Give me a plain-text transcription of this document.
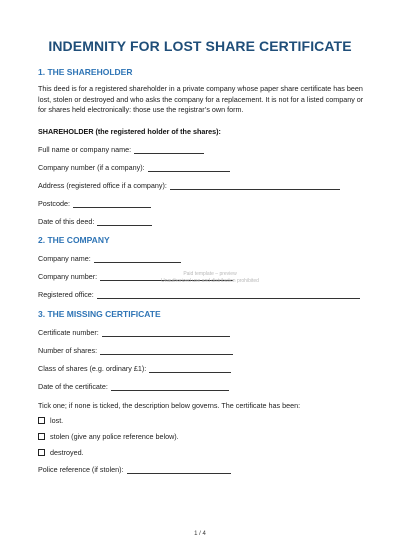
INDEMNITY FOR LOST SHARE CERTIFICATE
1. THE SHAREHOLDER
This deed is for a registered shareholder in a private company whose paper share certificate has been lost, stolen or destroyed and who asks the company for a replacement. It is not for a listed company or for shares held electronically: those use the registrar’s own form.
SHAREHOLDER (the registered holder of the shares):
Full name or company name:
Company number (if a company):
Address (registered office if a company):
Postcode:
Date of this deed:
2. THE COMPANY
Company name:
Company number:	Paid template – preview
Unauthorized use and distribution prohibited
Registered office:
3. THE MISSING CERTIFICATE
Certificate number:
Number of shares:
Class of shares (e.g. ordinary £1):
Date of the certificate:
Tick one; if none is ticked, the description below governs. The certificate has been:
lost.
stolen (give any police reference below).
destroyed.
Police reference (if stolen):
1 / 4
